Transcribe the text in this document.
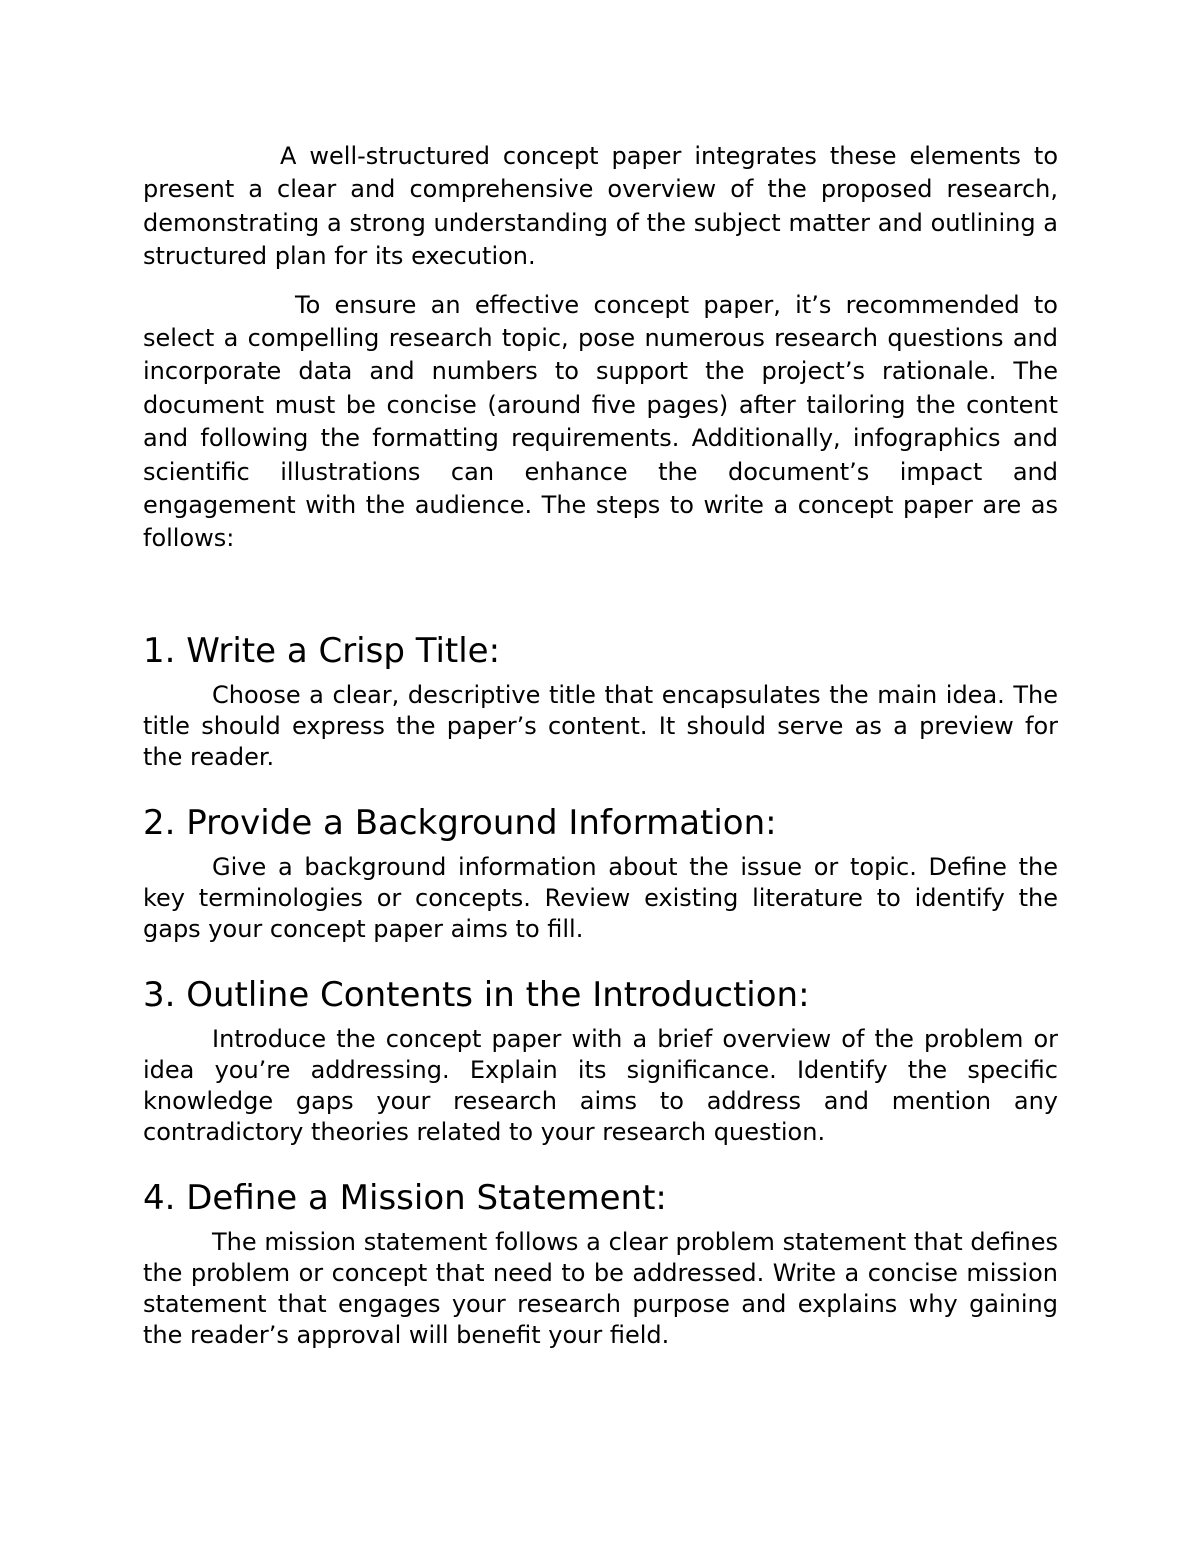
A well-structured concept paper integrates these elements to present a clear and comprehensive overview of the proposed research, demonstrating a strong understanding of the subject matter and outlining a structured plan for its execution.

To ensure an effective concept paper, it’s recommended to select a compelling research topic, pose numerous research questions and incorporate data and numbers to support the project’s rationale. The document must be concise (around five pages) after tailoring the content and following the formatting requirements. Additionally, infographics and scientific illustrations can enhance the document’s impact and engagement with the audience. The steps to write a concept paper are as follows:

1. Write a Crisp Title:

Choose a clear, descriptive title that encapsulates the main idea. The title should express the paper’s content. It should serve as a preview for the reader.

2. Provide a Background Information:

Give a background information about the issue or topic. Define the key terminologies or concepts. Review existing literature to identify the gaps your concept paper aims to fill.

3. Outline Contents in the Introduction:

Introduce the concept paper with a brief overview of the problem or idea you’re addressing. Explain its significance. Identify the specific knowledge gaps your research aims to address and mention any contradictory theories related to your research question.

4. Define a Mission Statement:

The mission statement follows a clear problem statement that defines the problem or concept that need to be addressed. Write a concise mission statement that engages your research purpose and explains why gaining the reader’s approval will benefit your field.
